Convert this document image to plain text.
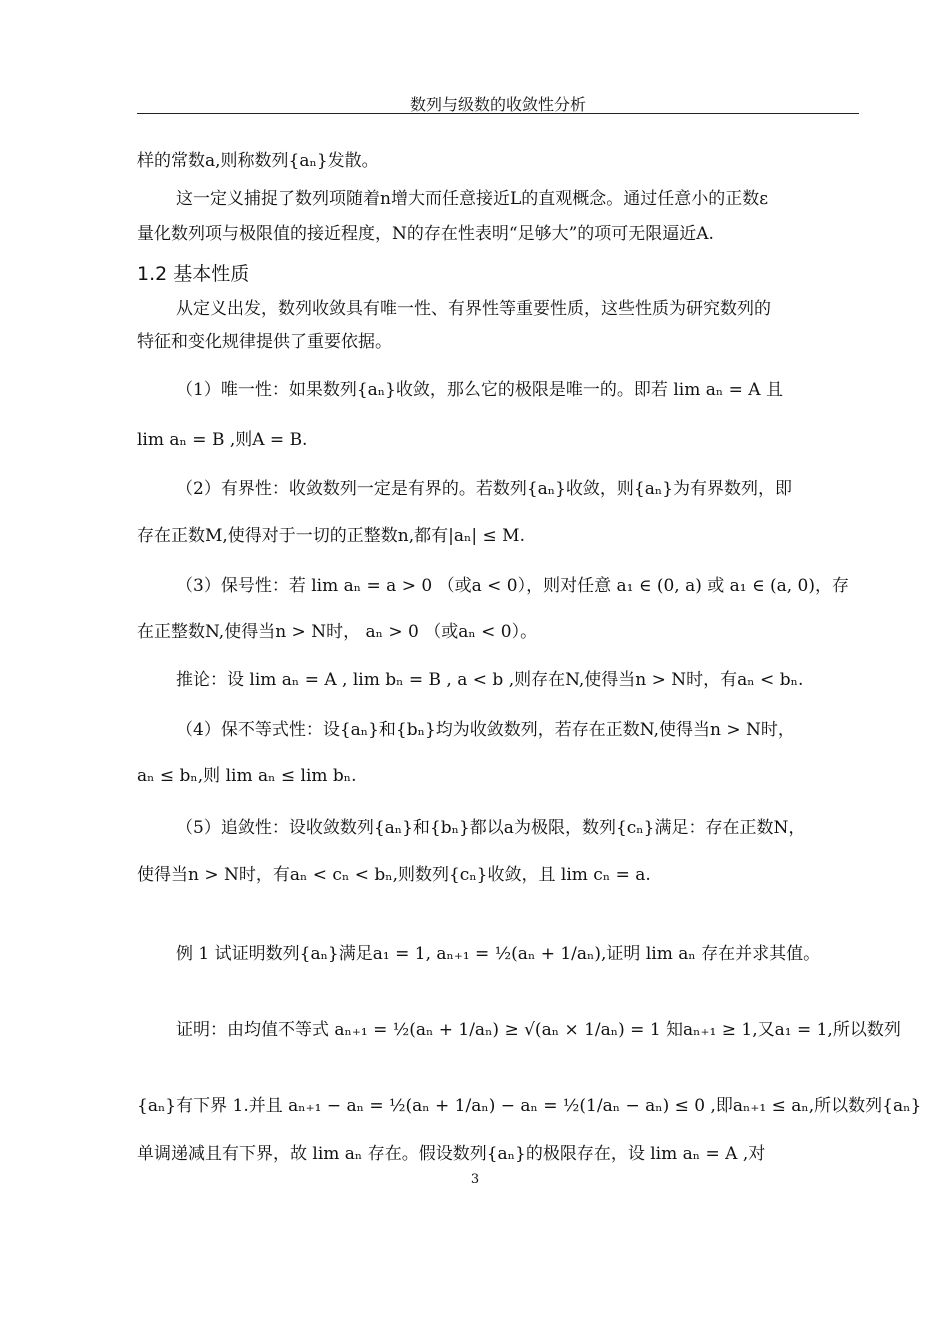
数列与级数的收敛性分析
样的常数a,则称数列{aₙ}发散。
这一定义捕捉了数列项随着n增大而任意接近L的直观概念。通过任意小的正数ε
量化数列项与极限值的接近程度，N的存在性表明“足够大”的项可无限逼近A.
1.2 基本性质
从定义出发，数列收敛具有唯一性、有界性等重要性质，这些性质为研究数列的
特征和变化规律提供了重要依据。
（1）唯一性：如果数列{aₙ}收敛，那么它的极限是唯一的。即若 lim aₙ = A 且
lim aₙ = B ,则A = B.
（2）有界性：收敛数列一定是有界的。若数列{aₙ}收敛，则{aₙ}为有界数列，即
存在正数M,使得对于一切的正整数n,都有|aₙ| ≤ M.
（3）保号性：若 lim aₙ = a > 0 （或a < 0），则对任意 a₁ ∈ (0, a) 或 a₁ ∈ (a, 0)，存
在正整数N,使得当n > N时， aₙ > 0 （或aₙ < 0）。
推论：设 lim aₙ = A , lim bₙ = B , a < b ,则存在N,使得当n > N时，有aₙ < bₙ.
（4）保不等式性：设{aₙ}和{bₙ}均为收敛数列，若存在正数N,使得当n > N时，
aₙ ≤ bₙ,则 lim aₙ ≤ lim bₙ.
（5）追敛性：设收敛数列{aₙ}和{bₙ}都以a为极限，数列{cₙ}满足：存在正数N，
使得当n > N时，有aₙ < cₙ < bₙ,则数列{cₙ}收敛，且 lim cₙ = a.
例 1 试证明数列{aₙ}满足a₁ = 1, aₙ₊₁ = ½(aₙ + 1/aₙ),证明 lim aₙ 存在并求其值。
证明：由均值不等式 aₙ₊₁ = ½(aₙ + 1/aₙ) ≥ √(aₙ × 1/aₙ) = 1 知aₙ₊₁ ≥ 1,又a₁ = 1,所以数列
{aₙ}有下界 1.并且 aₙ₊₁ − aₙ = ½(aₙ + 1/aₙ) − aₙ = ½(1/aₙ − aₙ) ≤ 0 ,即aₙ₊₁ ≤ aₙ,所以数列{aₙ}
单调递减且有下界，故 lim aₙ 存在。假设数列{aₙ}的极限存在，设 lim aₙ = A ,对
3
